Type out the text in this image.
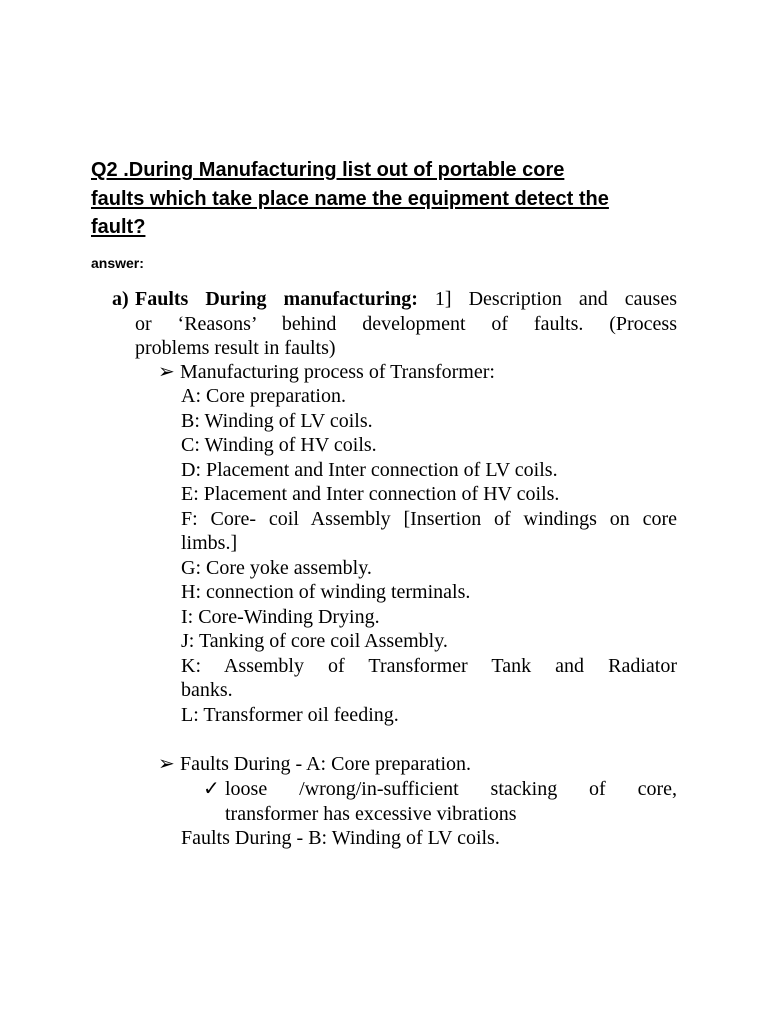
Q2 .During Manufacturing list out of portable core
faults which take place name the equipment detect the
fault?
answer:
a) Faults During manufacturing: 1] Description and causes
or ‘Reasons’ behind development of faults. (Process
problems result in faults)
➢ Manufacturing process of Transformer:
A: Core preparation.
B: Winding of LV coils.
C: Winding of HV coils.
D: Placement and Inter connection of LV coils.
E: Placement and Inter connection of HV coils.
F: Core- coil Assembly [Insertion of windings on core
limbs.]
G: Core yoke assembly.
H: connection of winding terminals.
I: Core-Winding Drying.
J: Tanking of core coil Assembly.
K: Assembly of Transformer Tank and Radiator
banks.
L: Transformer oil feeding.
➢ Faults During - A: Core preparation.
✓ loose /wrong/in-sufficient stacking of core,
transformer has excessive vibrations
Faults During - B: Winding of LV coils.
